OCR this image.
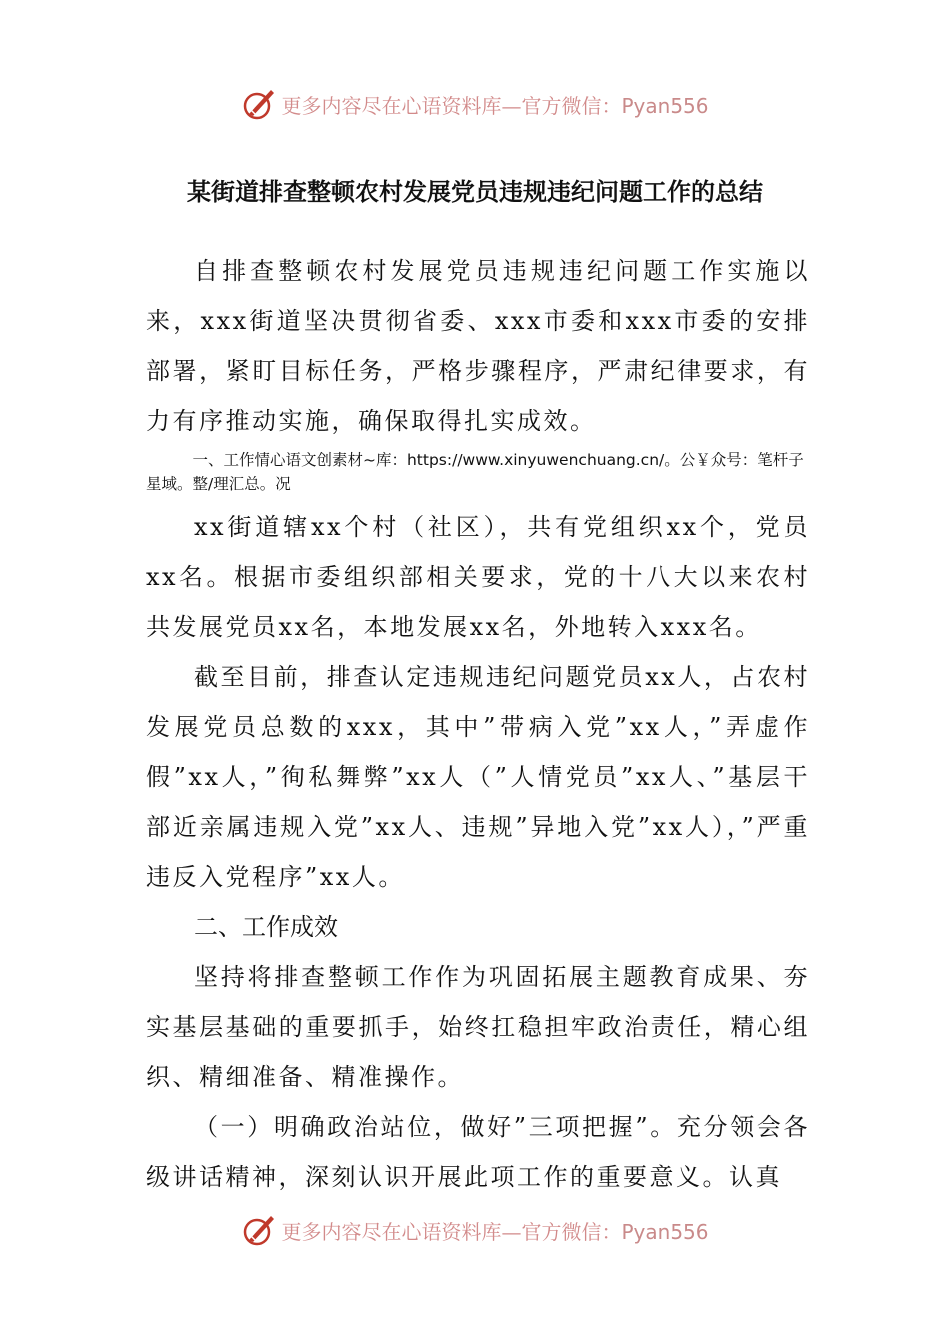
更多内容尽在心语资料库—官方微信：Pyan556
某街道排查整顿农村发展党员违规违纪问题工作的总结

自排查整顿农村发展党员违规违纪问题工作实施以来，xxx街道坚决贯彻省委、xxx市委和xxx市委的安排部署，紧盯目标任务，严格步骤程序，严肃纪律要求，有力有序推动实施，确保取得扎实成效。

一、工作情心语文创素材~库：https://www.xinyuwenchuang.cn/。公￥众号：笔杆子星域。整/理汇总。况

xx街道辖xx个村（社区），共有党组织xx个，党员xx名。根据市委组织部相关要求，党的十八大以来农村共发展党员xx名，本地发展xx名，外地转入xxx名。

截至目前，排查认定违规违纪问题党员xx人，占农村发展党员总数的xxx，其中”带病入党”xx人，”弄虚作假”xx人，”徇私舞弊”xx人（”人情党员”xx人、”基层干部近亲属违规入党”xx人、违规”异地入党”xx人），”严重违反入党程序”xx人。

二、工作成效

坚持将排查整顿工作作为巩固拓展主题教育成果、夯实基层基础的重要抓手，始终扛稳担牢政治责任，精心组织、精细准备、精准操作。

（一）明确政治站位，做好”三项把握”。充分领会各级讲话精神，深刻认识开展此项工作的重要意义。认真

更多内容尽在心语资料库—官方微信：Pyan556
